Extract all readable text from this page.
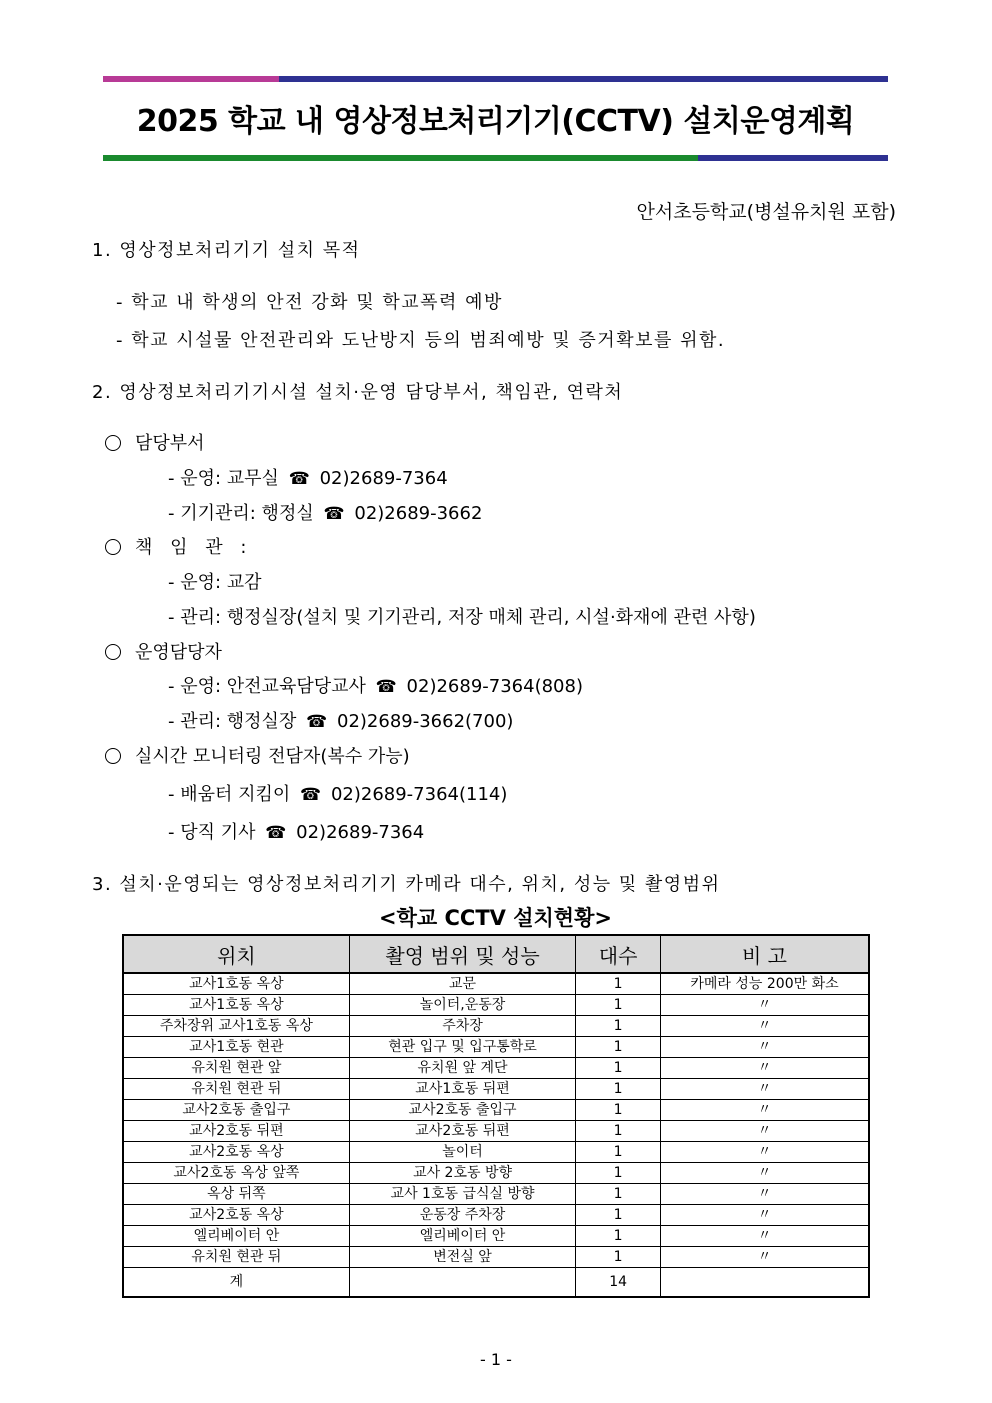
2025 학교 내 영상정보처리기기(CCTV) 설치운영계획
안서초등학교(병설유치원 포함)
1. 영상정보처리기기 설치 목적
- 학교 내 학생의 안전 강화 및 학교폭력 예방
- 학교 시설물 안전관리와 도난방지 등의 범죄예방 및 증거확보를 위함.
2. 영상정보처리기기시설 설치·운영 담당부서, 책임관, 연락처
담당부서
- 운영: 교무실 ☎ 02)2689-7364
- 기기관리: 행정실 ☎ 02)2689-3662
책 임 관 :
- 운영: 교감
- 관리: 행정실장(설치 및 기기관리, 저장 매체 관리, 시설·화재에 관련 사항)
운영담당자
- 운영: 안전교육담당교사 ☎ 02)2689-7364(808)
- 관리: 행정실장 ☎ 02)2689-3662(700)
실시간 모니터링 전담자(복수 가능)
- 배움터 지킴이 ☎ 02)2689-7364(114)
- 당직 기사 ☎ 02)2689-7364
3. 설치·운영되는 영상정보처리기기 카메라 대수, 위치, 성능 및 촬영범위
<학교 CCTV 설치현황>
위치	촬영 범위 및 성능	대수	비 고
교사1호동 옥상	교문	1	카메라 성능 200만 화소
교사1호동 옥상	놀이터,운동장	1	〃
주차장위 교사1호동 옥상	주차장	1	〃
교사1호동 현관	현관 입구 및 입구통학로	1	〃
유치원 현관 앞	유치원 앞 계단	1	〃
유치원 현관 뒤	교사1호동 뒤편	1	〃
교사2호동 출입구	교사2호동 출입구	1	〃
교사2호동 뒤편	교사2호동 뒤편	1	〃
교사2호동 옥상	놀이터	1	〃
교사2호동 옥상 앞쪽	교사 2호동 방향	1	〃
옥상 뒤쪽	교사 1호동 급식실 방향	1	〃
교사2호동 옥상	운동장 주차장	1	〃
엘리베이터 안	엘리베이터 안	1	〃
유치원 현관 뒤	변전실 앞	1	〃
계		14	
- 1 -
